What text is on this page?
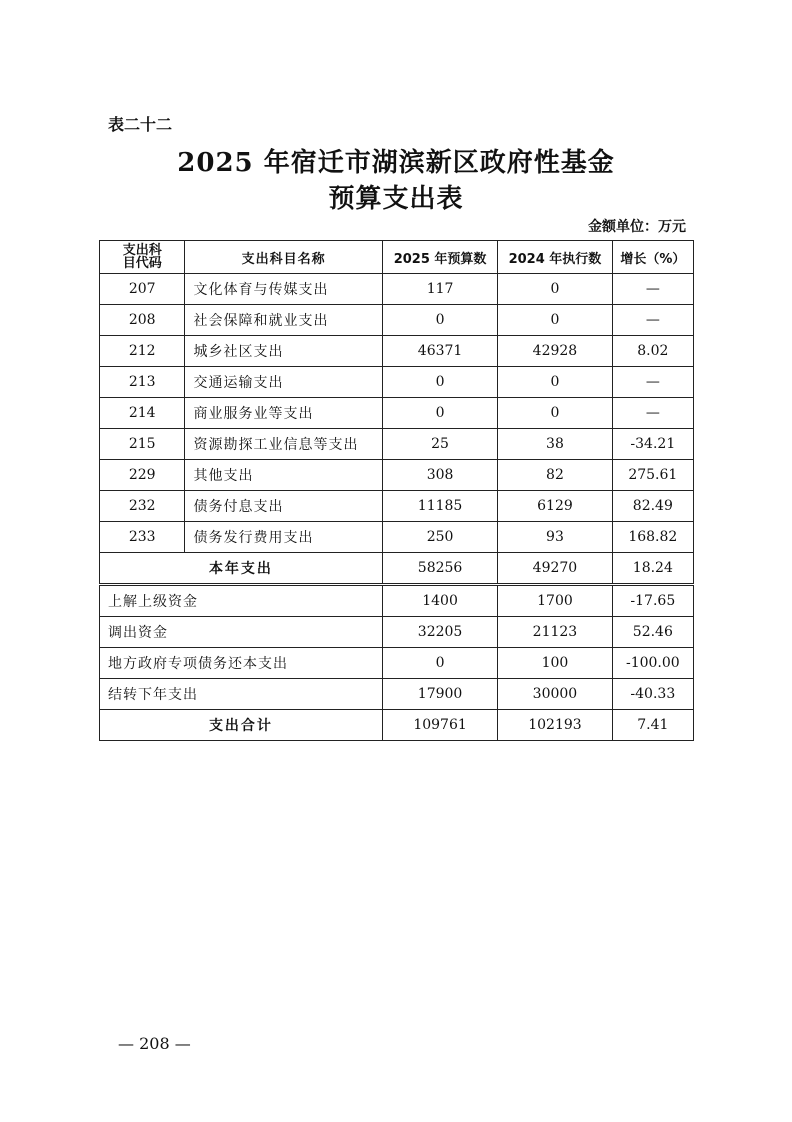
表二十二
2025 年宿迁市湖滨新区政府性基金
预算支出表
金额单位：万元
支出科
目代码	支出科目名称	2025 年预算数	2024 年执行数	增长（%）
207	文化体育与传媒支出	117	0	—
208	社会保障和就业支出	0	0	—
212	城乡社区支出	46371	42928	8.02
213	交通运输支出	0	0	—
214	商业服务业等支出	0	0	—
215	资源勘探工业信息等支出	25	38	-34.21
229	其他支出	308	82	275.61
232	债务付息支出	11185	6129	82.49
233	债务发行费用支出	250	93	168.82
本年支出		58256	49270	18.24
上解上级资金		1400	1700	-17.65
调出资金		32205	21123	52.46
地方政府专项债务还本支出		0	100	-100.00
结转下年支出		17900	30000	-40.33
支出合计		109761	102193	7.41
— 208 —
